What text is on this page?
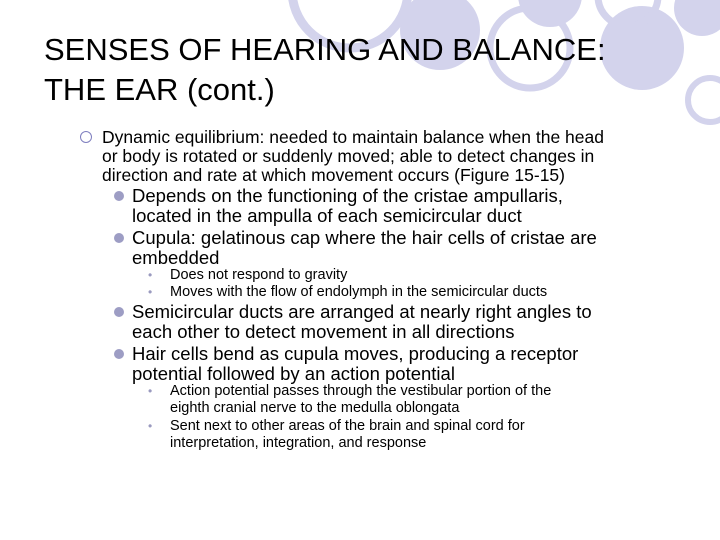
SENSES OF HEARING AND BALANCE:
THE EAR (cont.)
Dynamic equilibrium: needed to maintain balance when the head
or body is rotated or suddenly moved; able to detect changes in
direction and rate at which movement occurs (Figure 15-15)
Depends on the functioning of the cristae ampullaris,
located in the ampulla of each semicircular duct
Cupula: gelatinous cap where the hair cells of cristae are
embedded
• Does not respond to gravity
• Moves with the flow of endolymph in the semicircular ducts
Semicircular ducts are arranged at nearly right angles to
each other to detect movement in all directions
Hair cells bend as cupula moves, producing a receptor
potential followed by an action potential
• Action potential passes through the vestibular portion of the
eighth cranial nerve to the medulla oblongata
• Sent next to other areas of the brain and spinal cord for
interpretation, integration, and response
